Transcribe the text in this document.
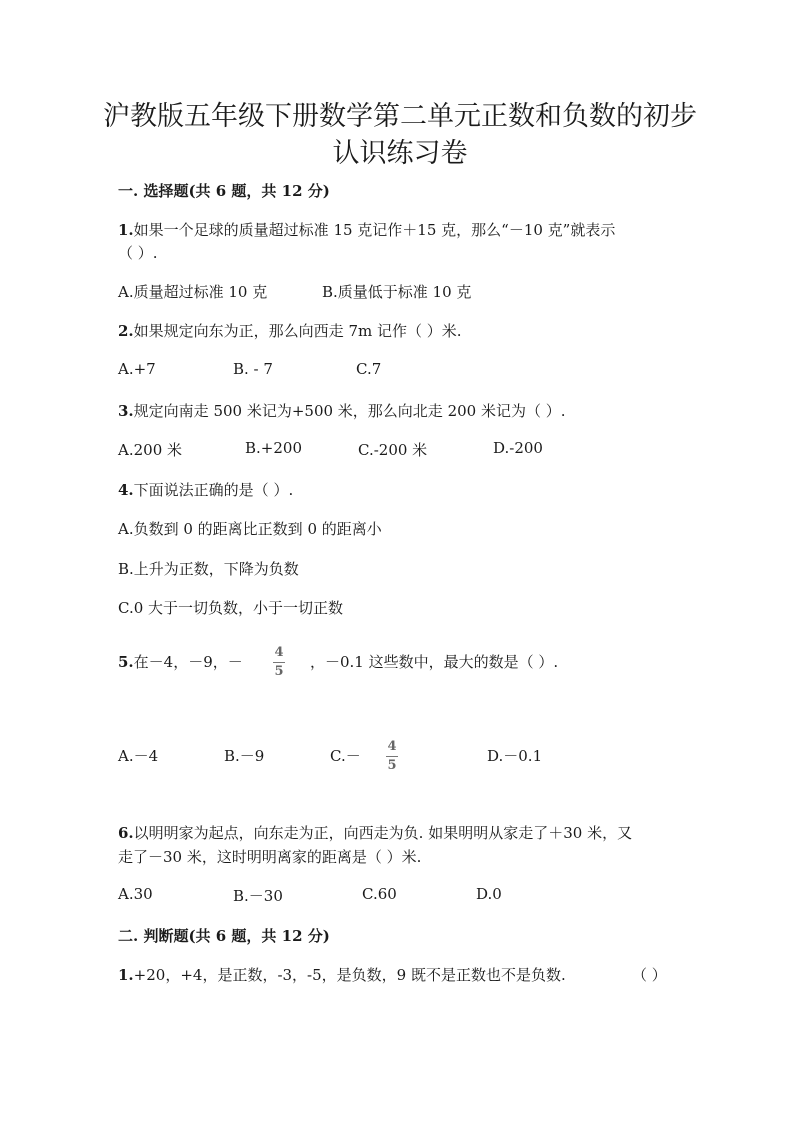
沪教版五年级下册数学第二单元正数和负数的初步
认识练习卷
一. 选择题(共 6 题，共 12 分)
1.如果一个足球的质量超过标准 15 克记作＋15 克，那么“－10 克”就表示
（ ）.
A.质量超过标准 10 克	B.质量低于标准 10 克
2.如果规定向东为正，那么向西走 7m 记作（ ）米.
A.+7	B. - 7	C.7
3.规定向南走 500 米记为+500 米，那么向北走 200 米记为（ ）.
A.200 米	B.+200	C.-200 米	D.-200
4.下面说法正确的是（ ）.
A.负数到 0 的距离比正数到 0 的距离小
B.上升为正数，下降为负数
C.0 大于一切负数，小于一切正数
5.在－4，－9，－
4
5
，－0.1 这些数中，最大的数是（ ）.
A.－4	B.－9	C.－
4
5
D.－0.1
6.以明明家为起点，向东走为正，向西走为负. 如果明明从家走了＋30 米，又
走了－30 米，这时明明离家的距离是（ ）米.
A.30	B.－30	C.60	D.0
二. 判断题(共 6 题，共 12 分)
1.+20，+4，是正数，-3，-5，是负数，9 既不是正数也不是负数.	（ ）
